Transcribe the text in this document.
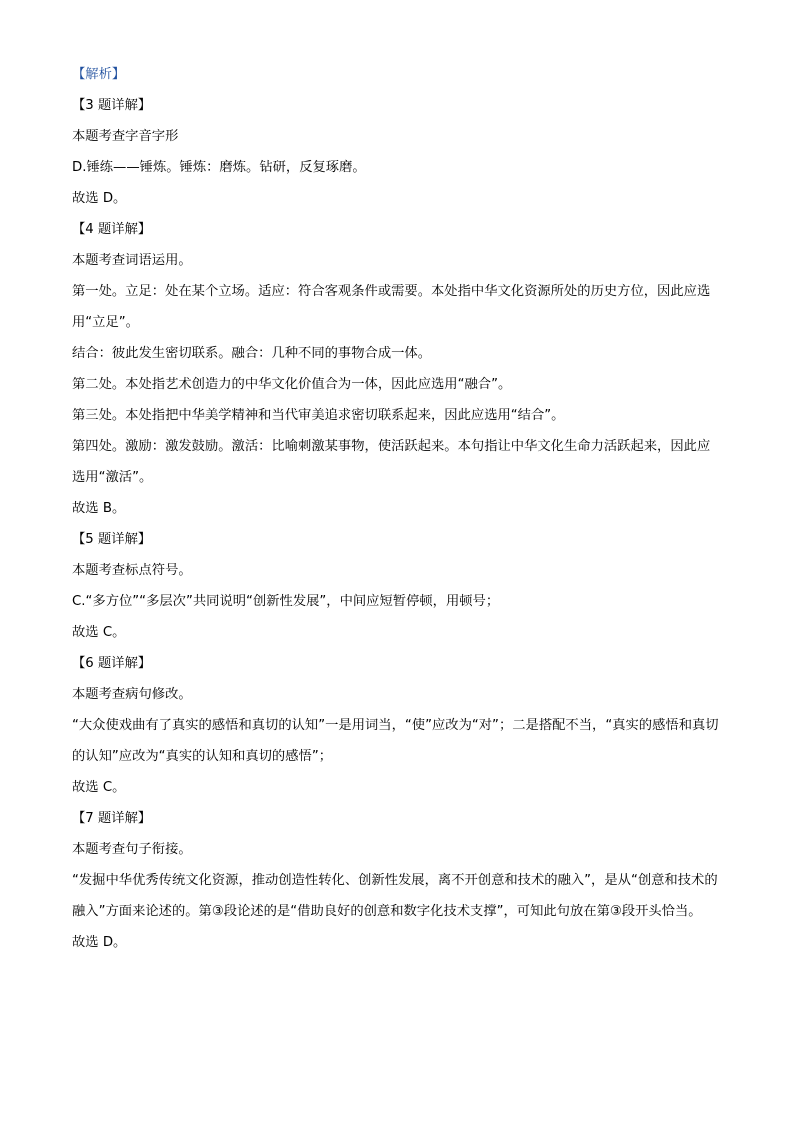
【解析】
【3 题详解】
本题考查字音字形
D.锤练——锤炼。锤炼：磨炼。钻研，反复琢磨。
故选 D。
【4 题详解】
本题考查词语运用。
第一处。立足：处在某个立场。适应：符合客观条件或需要。本处指中华文化资源所处的历史方位，因此应选用“立足”。
结合：彼此发生密切联系。融合：几种不同的事物合成一体。
第二处。本处指艺术创造力的中华文化价值合为一体，因此应选用“融合”。
第三处。本处指把中华美学精神和当代审美追求密切联系起来，因此应选用“结合”。
第四处。激励：激发鼓励。激活：比喻刺激某事物，使活跃起来。本句指让中华文化生命力活跃起来，因此应选用“激活”。
故选 B。
【5 题详解】
本题考查标点符号。
C.“多方位”“多层次”共同说明“创新性发展”，中间应短暂停顿，用顿号；
故选 C。
【6 题详解】
本题考查病句修改。
“大众使戏曲有了真实的感悟和真切的认知”一是用词当，“使”应改为“对”；二是搭配不当，“真实的感悟和真切的认知”应改为“真实的认知和真切的感悟”；
故选 C。
【7 题详解】
本题考查句子衔接。
“发掘中华优秀传统文化资源，推动创造性转化、创新性发展，离不开创意和技术的融入”，是从“创意和技术的融入”方面来论述的。第③段论述的是“借助良好的创意和数字化技术支撑”，可知此句放在第③段开头恰当。
故选 D。
